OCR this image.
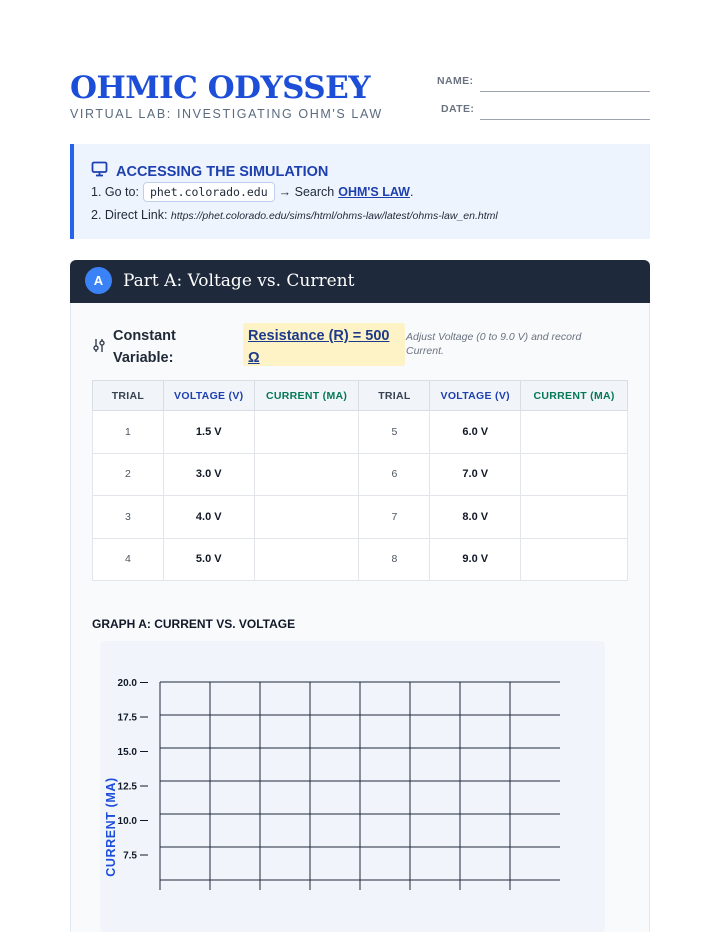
OHMIC ODYSSEY
VIRTUAL LAB: INVESTIGATING OHM'S LAW
NAME:
DATE:
ACCESSING THE SIMULATION
1. Go to: phet.colorado.edu → Search OHM'S LAW .
2. Direct Link: https://phet.colorado.edu/sims/html/ohms-law/latest/ohms-law_en.html
A	Part A: Voltage vs. Current
Constant Variable:
Resistance (R) = 500 Ω
Adjust Voltage (0 to 9.0 V) and record Current.
TRIAL	VOLTAGE (V)	CURRENT (MA)	TRIAL	VOLTAGE (V)	CURRENT (MA)
1	1.5 V		5	6.0 V	
2	3.0 V		6	7.0 V	
3	4.0 V		7	8.0 V	
4	5.0 V		8	9.0 V	
GRAPH A: CURRENT VS. VOLTAGE
CURRENT (MA)
20.0
17.5
15.0
12.5
10.0
7.5
